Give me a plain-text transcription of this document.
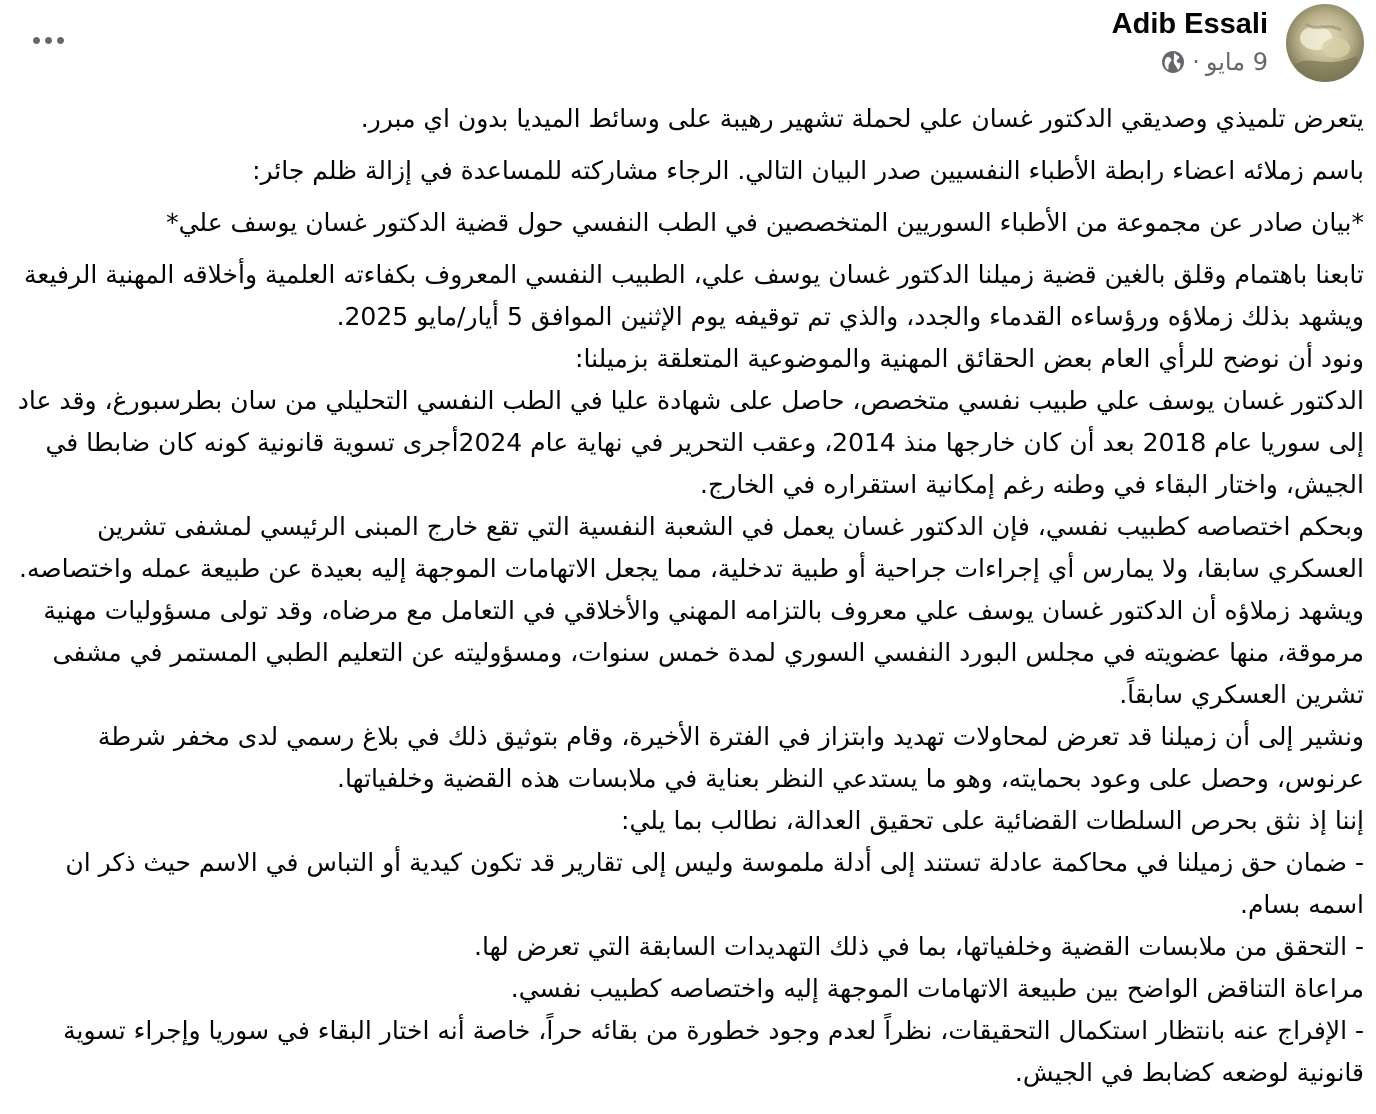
Adib Essali
· 9 مايو

يتعرض تلميذي وصديقي الدكتور غسان علي لحملة تشهير رهيبة على وسائط الميديا بدون اي مبرر.

باسم زملائه اعضاء رابطة الأطباء النفسيين صدر البيان التالي. الرجاء مشاركته للمساعدة في إزالة ظلم جائر:

*بيان صادر عن مجموعة من الأطباء السوريين المتخصصين في الطب النفسي حول قضية الدكتور غسان يوسف علي*

تابعنا باهتمام وقلق بالغين قضية زميلنا الدكتور غسان يوسف علي، الطبيب النفسي المعروف بكفاءته العلمية وأخلاقه المهنية الرفيعة ويشهد بذلك زملاؤه ورؤساءه القدماء والجدد، والذي تم توقيفه يوم الإثنين الموافق 5 أيار/مايو 2025.
ونود أن نوضح للرأي العام بعض الحقائق المهنية والموضوعية المتعلقة بزميلنا:
الدكتور غسان يوسف علي طبيب نفسي متخصص، حاصل على شهادة عليا في الطب النفسي التحليلي من سان بطرسبورغ، وقد عاد إلى سوريا عام 2018 بعد أن كان خارجها منذ 2014، وعقب التحرير في نهاية عام 2024أجرى تسوية قانونية كونه كان ضابطا في الجيش، واختار البقاء في وطنه رغم إمكانية استقراره في الخارج.
وبحكم اختصاصه كطبيب نفسي، فإن الدكتور غسان يعمل في الشعبة النفسية التي تقع خارج المبنى الرئيسي لمشفى تشرين العسكري سابقا، ولا يمارس أي إجراءات جراحية أو طبية تدخلية، مما يجعل الاتهامات الموجهة إليه بعيدة عن طبيعة عمله واختصاصه.
ويشهد زملاؤه أن الدكتور غسان يوسف علي معروف بالتزامه المهني والأخلاقي في التعامل مع مرضاه، وقد تولى مسؤوليات مهنية مرموقة، منها عضويته في مجلس البورد النفسي السوري لمدة خمس سنوات، ومسؤوليته عن التعليم الطبي المستمر في مشفى تشرين العسكري سابقاً.
ونشير إلى أن زميلنا قد تعرض لمحاولات تهديد وابتزاز في الفترة الأخيرة، وقام بتوثيق ذلك في بلاغ رسمي لدى مخفر شرطة عرنوس، وحصل على وعود بحمايته، وهو ما يستدعي النظر بعناية في ملابسات هذه القضية وخلفياتها.
إننا إذ نثق بحرص السلطات القضائية على تحقيق العدالة، نطالب بما يلي:
- ضمان حق زميلنا في محاكمة عادلة تستند إلى أدلة ملموسة وليس إلى تقارير قد تكون كيدية أو التباس في الاسم حيث ذكر ان اسمه بسام.
- التحقق من ملابسات القضية وخلفياتها، بما في ذلك التهديدات السابقة التي تعرض لها.
مراعاة التناقض الواضح بين طبيعة الاتهامات الموجهة إليه واختصاصه كطبيب نفسي.
- الإفراج عنه بانتظار استكمال التحقيقات، نظراً لعدم وجود خطورة من بقائه حراً، خاصة أنه اختار البقاء في سوريا وإجراء تسوية قانونية لوضعه كضابط في الجيش.
